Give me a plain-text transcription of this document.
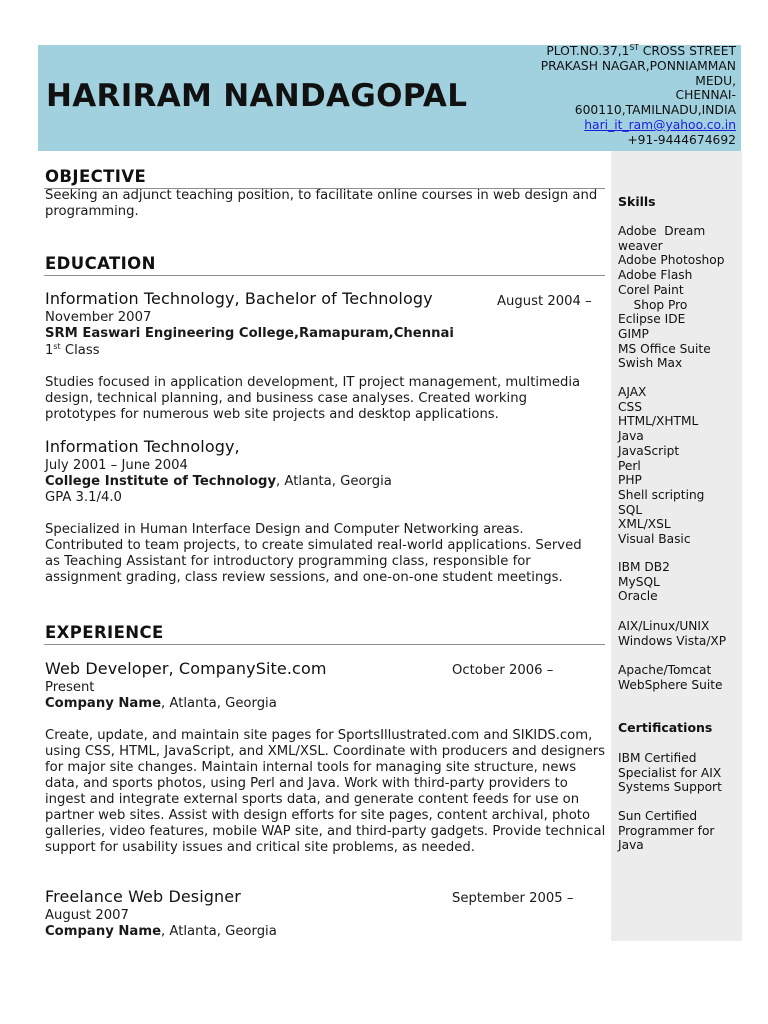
HARIRAM NANDAGOPAL
PLOT.NO.37,1ST CROSS STREET
PRAKASH NAGAR,PONNIAMMAN
MEDU,
CHENNAI-
600110,TAMILNADU,INDIA
hari_it_ram@yahoo.co.in
+91-9444674692
Skills
Adobe  Dream
weaver
Adobe Photoshop
Adobe Flash
Corel Paint
Shop Pro
Eclipse IDE
GIMP
MS Office Suite
Swish Max
AJAX
CSS
HTML/XHTML
Java
JavaScript
Perl
PHP
Shell scripting
SQL
XML/XSL
Visual Basic
IBM DB2
MySQL
Oracle
AIX/Linux/UNIX
Windows Vista/XP
Apache/Tomcat
WebSphere Suite
Certifications
IBM Certified
Specialist for AIX
Systems Support
Sun Certified
Programmer for
Java
OBJECTIVE
Seeking an adjunct teaching position, to facilitate online courses in web design and programming.
EDUCATION
Information Technology, Bachelor of Technology	August 2004 –
November 2007
SRM Easwari Engineering College,Ramapuram,Chennai
1st Class
Studies focused in application development, IT project management, multimedia design, technical planning, and business case analyses. Created working prototypes for numerous web site projects and desktop applications.
Information Technology,
July 2001 – June 2004
College Institute of Technology, Atlanta, Georgia
GPA 3.1/4.0
Specialized in Human Interface Design and Computer Networking areas. Contributed to team projects, to create simulated real-world applications. Served as Teaching Assistant for introductory programming class, responsible for assignment grading, class review sessions, and one-on-one student meetings.
EXPERIENCE
Web Developer, CompanySite.com	October 2006 –
Present
Company Name, Atlanta, Georgia
Create, update, and maintain site pages for SportsIllustrated.com and SIKIDS.com, using CSS, HTML, JavaScript, and XML/XSL. Coordinate with producers and designers for major site changes. Maintain internal tools for managing site structure, news data, and sports photos, using Perl and Java. Work with third-party providers to ingest and integrate external sports data, and generate content feeds for use on partner web sites. Assist with design efforts for site pages, content archival, photo galleries, video features, mobile WAP site, and third-party gadgets. Provide technical support for usability issues and critical site problems, as needed.
Freelance Web Designer	September 2005 –
August 2007
Company Name, Atlanta, Georgia
